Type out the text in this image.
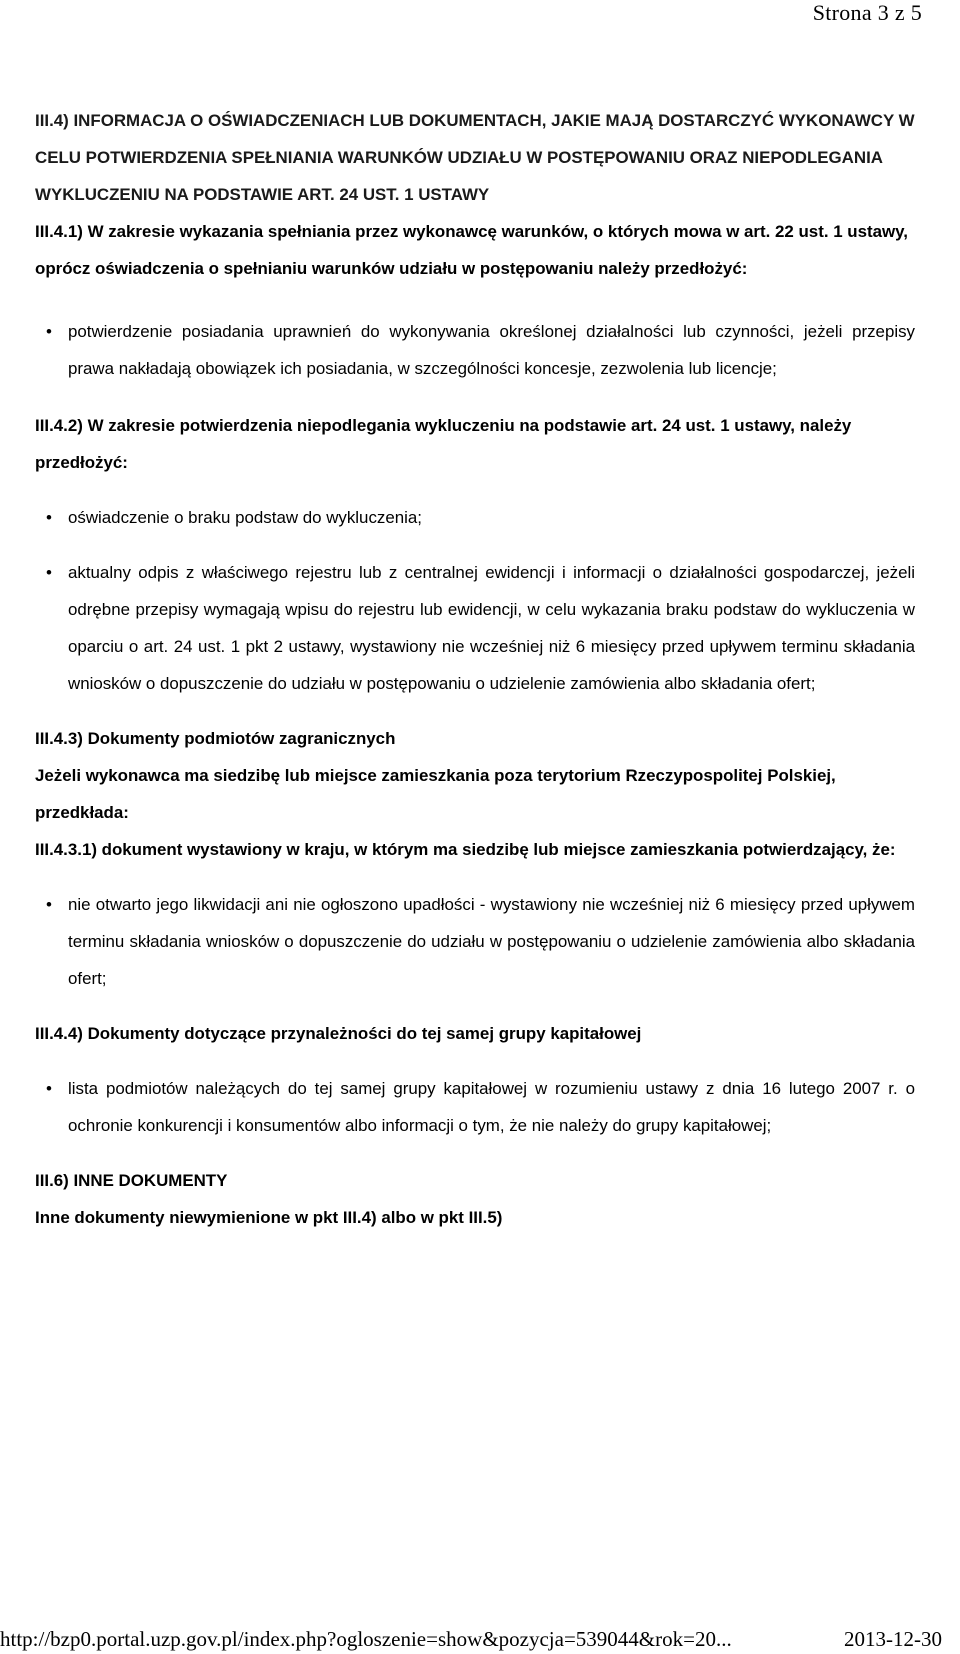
Strona 3 z 5

III.4) INFORMACJA O OŚWIADCZENIACH LUB DOKUMENTACH, JAKIE MAJĄ DOSTARCZYĆ WYKONAWCY W CELU POTWIERDZENIA SPEŁNIANIA WARUNKÓW UDZIAŁU W POSTĘPOWANIU ORAZ NIEPODLEGANIA WYKLUCZENIU NA PODSTAWIE ART. 24 UST. 1 USTAWY

III.4.1) W zakresie wykazania spełniania przez wykonawcę warunków, o których mowa w art. 22 ust. 1 ustawy, oprócz oświadczenia o spełnianiu warunków udziału w postępowaniu należy przedłożyć:

• potwierdzenie posiadania uprawnień do wykonywania określonej działalności lub czynności, jeżeli przepisy prawa nakładają obowiązek ich posiadania, w szczególności koncesje, zezwolenia lub licencje;

III.4.2) W zakresie potwierdzenia niepodlegania wykluczeniu na podstawie art. 24 ust. 1 ustawy, należy przedłożyć:

• oświadczenie o braku podstaw do wykluczenia;
• aktualny odpis z właściwego rejestru lub z centralnej ewidencji i informacji o działalności gospodarczej, jeżeli odrębne przepisy wymagają wpisu do rejestru lub ewidencji, w celu wykazania braku podstaw do wykluczenia w oparciu o art. 24 ust. 1 pkt 2 ustawy, wystawiony nie wcześniej niż 6 miesięcy przed upływem terminu składania wniosków o dopuszczenie do udziału w postępowaniu o udzielenie zamówienia albo składania ofert;

III.4.3) Dokumenty podmiotów zagranicznych

Jeżeli wykonawca ma siedzibę lub miejsce zamieszkania poza terytorium Rzeczypospolitej Polskiej, przedkłada:

III.4.3.1) dokument wystawiony w kraju, w którym ma siedzibę lub miejsce zamieszkania potwierdzający, że:

• nie otwarto jego likwidacji ani nie ogłoszono upadłości - wystawiony nie wcześniej niż 6 miesięcy przed upływem terminu składania wniosków o dopuszczenie do udziału w postępowaniu o udzielenie zamówienia albo składania ofert;

III.4.4) Dokumenty dotyczące przynależności do tej samej grupy kapitałowej

• lista podmiotów należących do tej samej grupy kapitałowej w rozumieniu ustawy z dnia 16 lutego 2007 r. o ochronie konkurencji i konsumentów albo informacji o tym, że nie należy do grupy kapitałowej;

III.6) INNE DOKUMENTY

Inne dokumenty niewymienione w pkt III.4) albo w pkt III.5)

http://bzp0.portal.uzp.gov.pl/index.php?ogloszenie=show&pozycja=539044&rok=20...	2013-12-30
